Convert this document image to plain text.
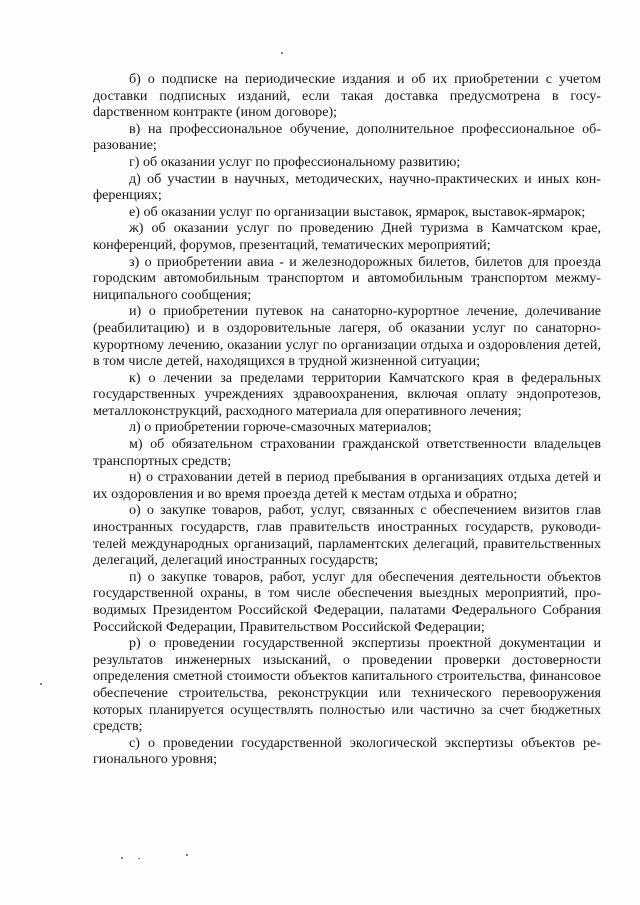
б) о подписке на периодические издания и об их приобретении с учетом доставки подписных изданий, если такая доставка предусмотрена в госуdарственном контракте (ином договоре);

в) на профессиональное обучение, дополнительное профессиональное образование;

г) об оказании услуг по профессиональному развитию;

д) об участии в научных, методических, научно-практических и иных конференциях;

е) об оказании услуг по организации выставок, ярмарок, выставок-ярмарок;

ж) об оказании услуг по проведению Дней туризма в Камчатском крае, конференций, форумов, презентаций, тематических мероприятий;

з) о приобретении авиа - и железнодорожных билетов, билетов для проезда городским автомобильным транспортом и автомобильным транспортом межмуниципального сообщения;

и) о приобретении путевок на санаторно-курортное лечение, долечивание (реабилитацию) и в оздоровительные лагеря, об оказании услуг по санаторно-курортному лечению, оказании услуг по организации отдыха и оздоровления детей, в том числе детей, находящихся в трудной жизненной ситуации;

к) о лечении за пределами территории Камчатского края в федеральных государственных учреждениях здравоохранения, включая оплату эндопротезов, металлоконструкций, расходного материала для оперативного лечения;

л) о приобретении горюче-смазочных материалов;

м) об обязательном страховании гражданской ответственности владельцев транспортных средств;

н) о страховании детей в период пребывания в организациях отдыха детей и их оздоровления и во время проезда детей к местам отдыха и обратно;

о) о закупке товаров, работ, услуг, связанных с обеспечением визитов глав иностранных государств, глав правительств иностранных государств, руководителей международных организаций, парламентских делегаций, правительственных делегаций, делегаций иностранных государств;

п) о закупке товаров, работ, услуг для обеспечения деятельности объектов государственной охраны, в том числе обеспечения выездных мероприятий, проводимых Президентом Российской Федерации, палатами Федерального Собрания Российской Федерации, Правительством Российской Федерации;

р) о проведении государственной экспертизы проектной документации и результатов инженерных изысканий, о проведении проверки достоверности определения сметной стоимости объектов капитального строительства, финансовое обеспечение строительства, реконструкции или технического перевооружения которых планируется осуществлять полностью или частично за счет бюджетных средств;

с) о проведении государственной экологической экспертизы объектов регионального уровня;
